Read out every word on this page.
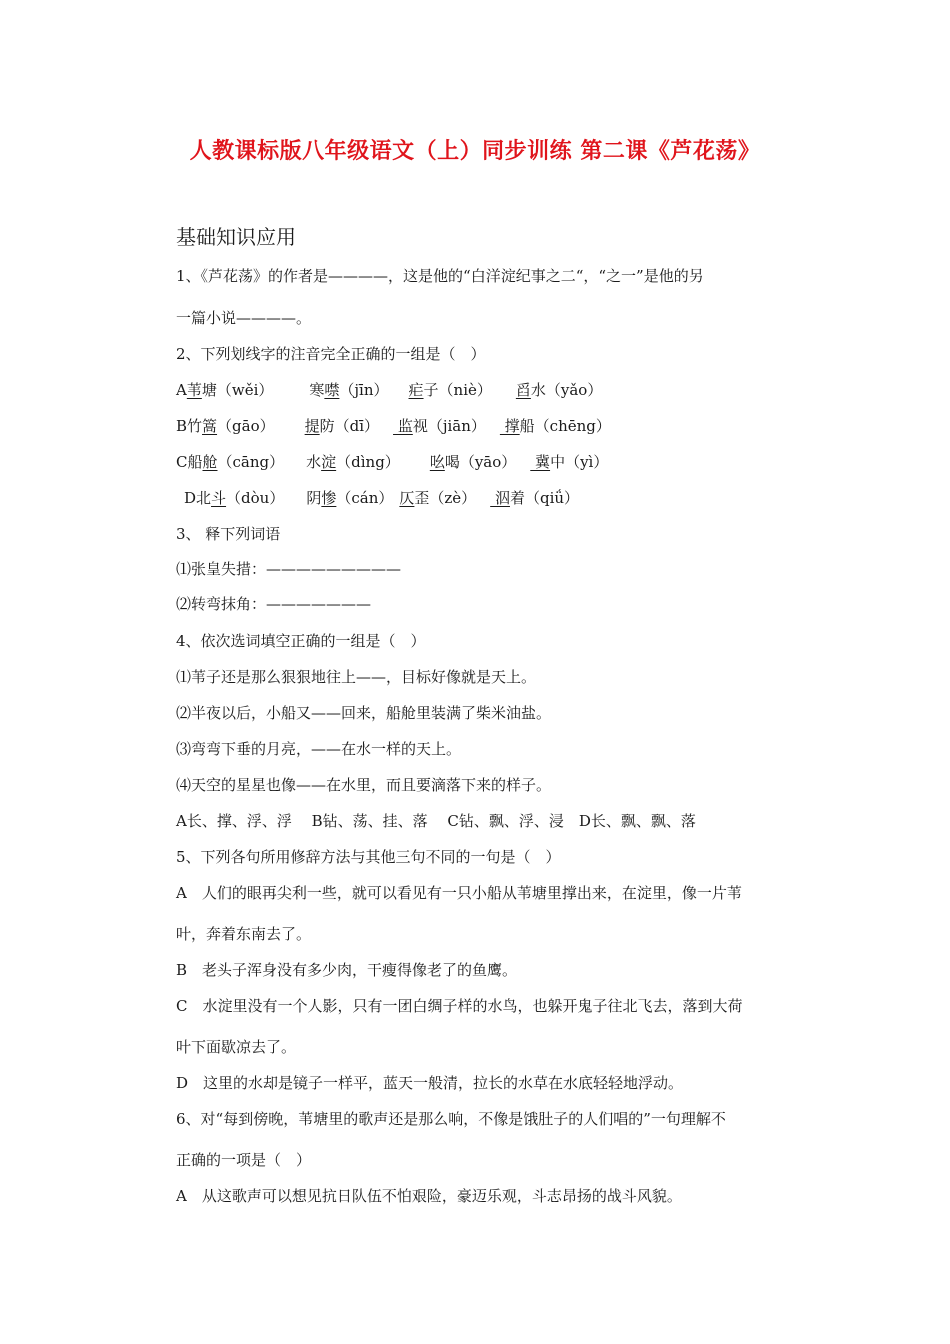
人教课标版八年级语文（上）同步训练 第二课《芦花荡》
基础知识应用
1、《芦花荡》的作者是————，这是他的“白洋淀纪事之二“，“之一”是他的另
一篇小说————。
2、下列划线字的注音完全正确的一组是（　）
A苇塘（wěi） 寒噤（jīn） 疟子（niè） 舀水（yǎo）
B竹篙（gāo） 提防（dī） 监视（jiān） 撑船（chēng）
C船舱（cāng） 水淀（dìng） 吆喝（yāo） 冀中（yì）
D北斗（dòu） 阴惨（cán） 仄歪（zè） 泅着（qiǘ）
3、 释下列词语
⑴张皇失措：—————————
⑵转弯抹角：———————
4、依次选词填空正确的一组是（　）
⑴苇子还是那么狠狠地往上——，目标好像就是天上。
⑵半夜以后，小船又——回来，船舱里装满了柴米油盐。
⑶弯弯下垂的月亮，——在水一样的天上。
⑷天空的星星也像——在水里，而且要滴落下来的样子。
A长、撑、浮、浮　 B钻、荡、挂、落　 C钻、飘、浮、浸　D长、飘、飘、落
5、下列各句所用修辞方法与其他三句不同的一句是（　）
A　人们的眼再尖利一些，就可以看见有一只小船从苇塘里撑出来，在淀里，像一片苇
叶，奔着东南去了。
B　老头子浑身没有多少肉，干瘦得像老了的鱼鹰。
C　水淀里没有一个人影，只有一团白绸子样的水鸟，也躲开鬼子往北飞去，落到大荷
叶下面歇凉去了。
D　这里的水却是镜子一样平，蓝天一般清，拉长的水草在水底轻轻地浮动。
6、对“每到傍晚，苇塘里的歌声还是那么响，不像是饿肚子的人们唱的”一句理解不
正确的一项是（　）
A　从这歌声可以想见抗日队伍不怕艰险，豪迈乐观，斗志昂扬的战斗风貌。
